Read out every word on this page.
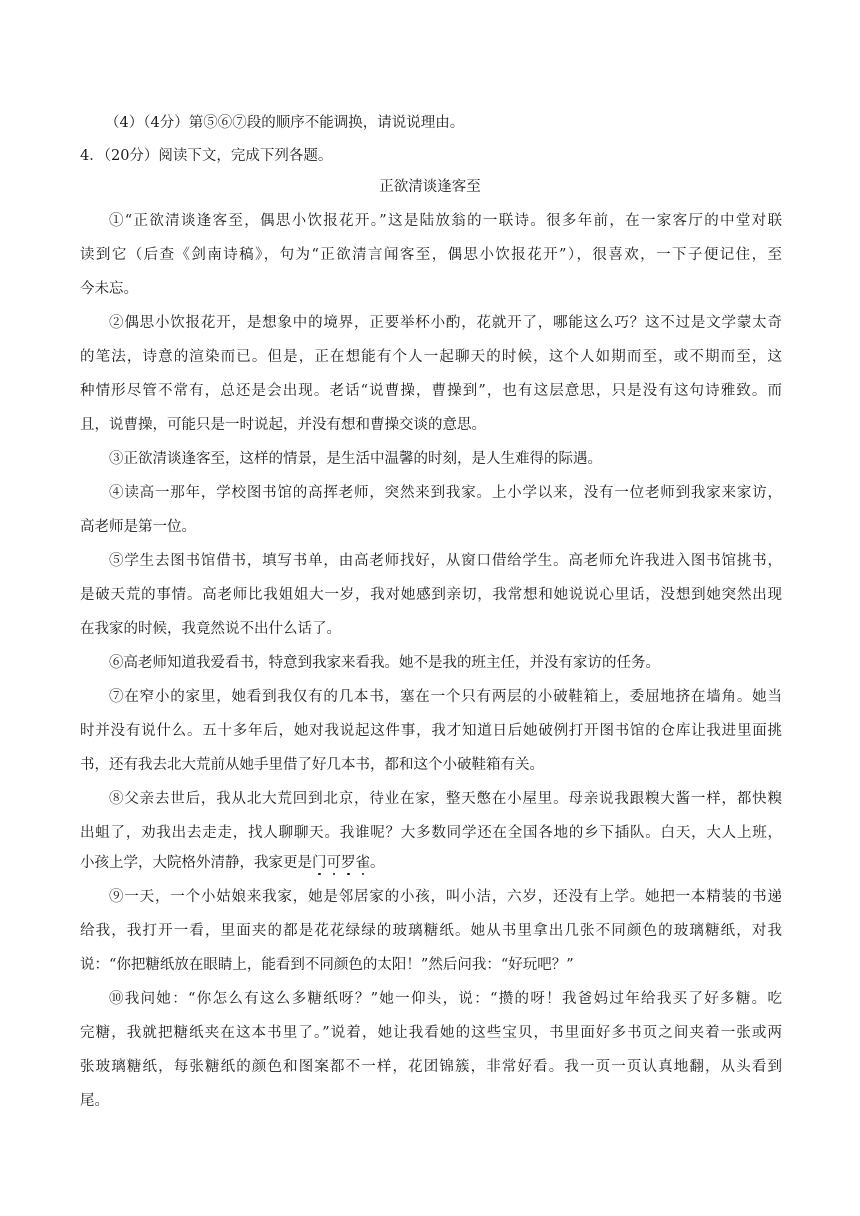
（4）（4分）第⑤⑥⑦段的顺序不能调换，请说说理由。
4．（20分）阅读下文，完成下列各题。
正欲清谈逢客至
①“正欲清谈逢客至，偶思小饮报花开。”这是陆放翁的一联诗。很多年前，在一家客厅的中堂对联
读到它（后查《剑南诗稿》，句为“正欲清言闻客至，偶思小饮报花开”），很喜欢，一下子便记住，至
今未忘。
②偶思小饮报花开，是想象中的境界，正要举杯小酌，花就开了，哪能这么巧？这不过是文学蒙太奇
的笔法，诗意的渲染而已。但是，正在想能有个人一起聊天的时候，这个人如期而至，或不期而至，这
种情形尽管不常有，总还是会出现。老话“说曹操，曹操到”，也有这层意思，只是没有这句诗雅致。而
且，说曹操，可能只是一时说起，并没有想和曹操交谈的意思。
③正欲清谈逢客至，这样的情景，是生活中温馨的时刻，是人生难得的际遇。
④读高一那年，学校图书馆的高挥老师，突然来到我家。上小学以来，没有一位老师到我家来家访，
高老师是第一位。
⑤学生去图书馆借书，填写书单，由高老师找好，从窗口借给学生。高老师允许我进入图书馆挑书，
是破天荒的事情。高老师比我姐姐大一岁，我对她感到亲切，我常想和她说说心里话，没想到她突然出现
在我家的时候，我竟然说不出什么话了。
⑥高老师知道我爱看书，特意到我家来看我。她不是我的班主任，并没有家访的任务。
⑦在窄小的家里，她看到我仅有的几本书，塞在一个只有两层的小破鞋箱上，委屈地挤在墙角。她当
时并没有说什么。五十多年后，她对我说起这件事，我才知道日后她破例打开图书馆的仓库让我进里面挑
书，还有我去北大荒前从她手里借了好几本书，都和这个小破鞋箱有关。
⑧父亲去世后，我从北大荒回到北京，待业在家，整天憋在小屋里。母亲说我跟糗大酱一样，都快糗
出蛆了，劝我出去走走，找人聊聊天。我谁呢？大多数同学还在全国各地的乡下插队。白天，大人上班，
小孩上学，大院格外清静，我家更是门可罗雀。
⑨一天，一个小姑娘来我家，她是邻居家的小孩，叫小洁，六岁，还没有上学。她把一本精装的书递
给我，我打开一看，里面夹的都是花花绿绿的玻璃糖纸。她从书里拿出几张不同颜色的玻璃糖纸，对我
说：“你把糖纸放在眼睛上，能看到不同颜色的太阳！”然后问我：“好玩吧？”
⑩我问她：“你怎么有这么多糖纸呀？”她一仰头，说：“攒的呀！我爸妈过年给我买了好多糖。吃
完糖，我就把糖纸夹在这本书里了。”说着，她让我看她的这些宝贝，书里面好多书页之间夹着一张或两
张玻璃糖纸，每张糖纸的颜色和图案都不一样，花团锦簇，非常好看。我一页一页认真地翻，从头看到
尾。
